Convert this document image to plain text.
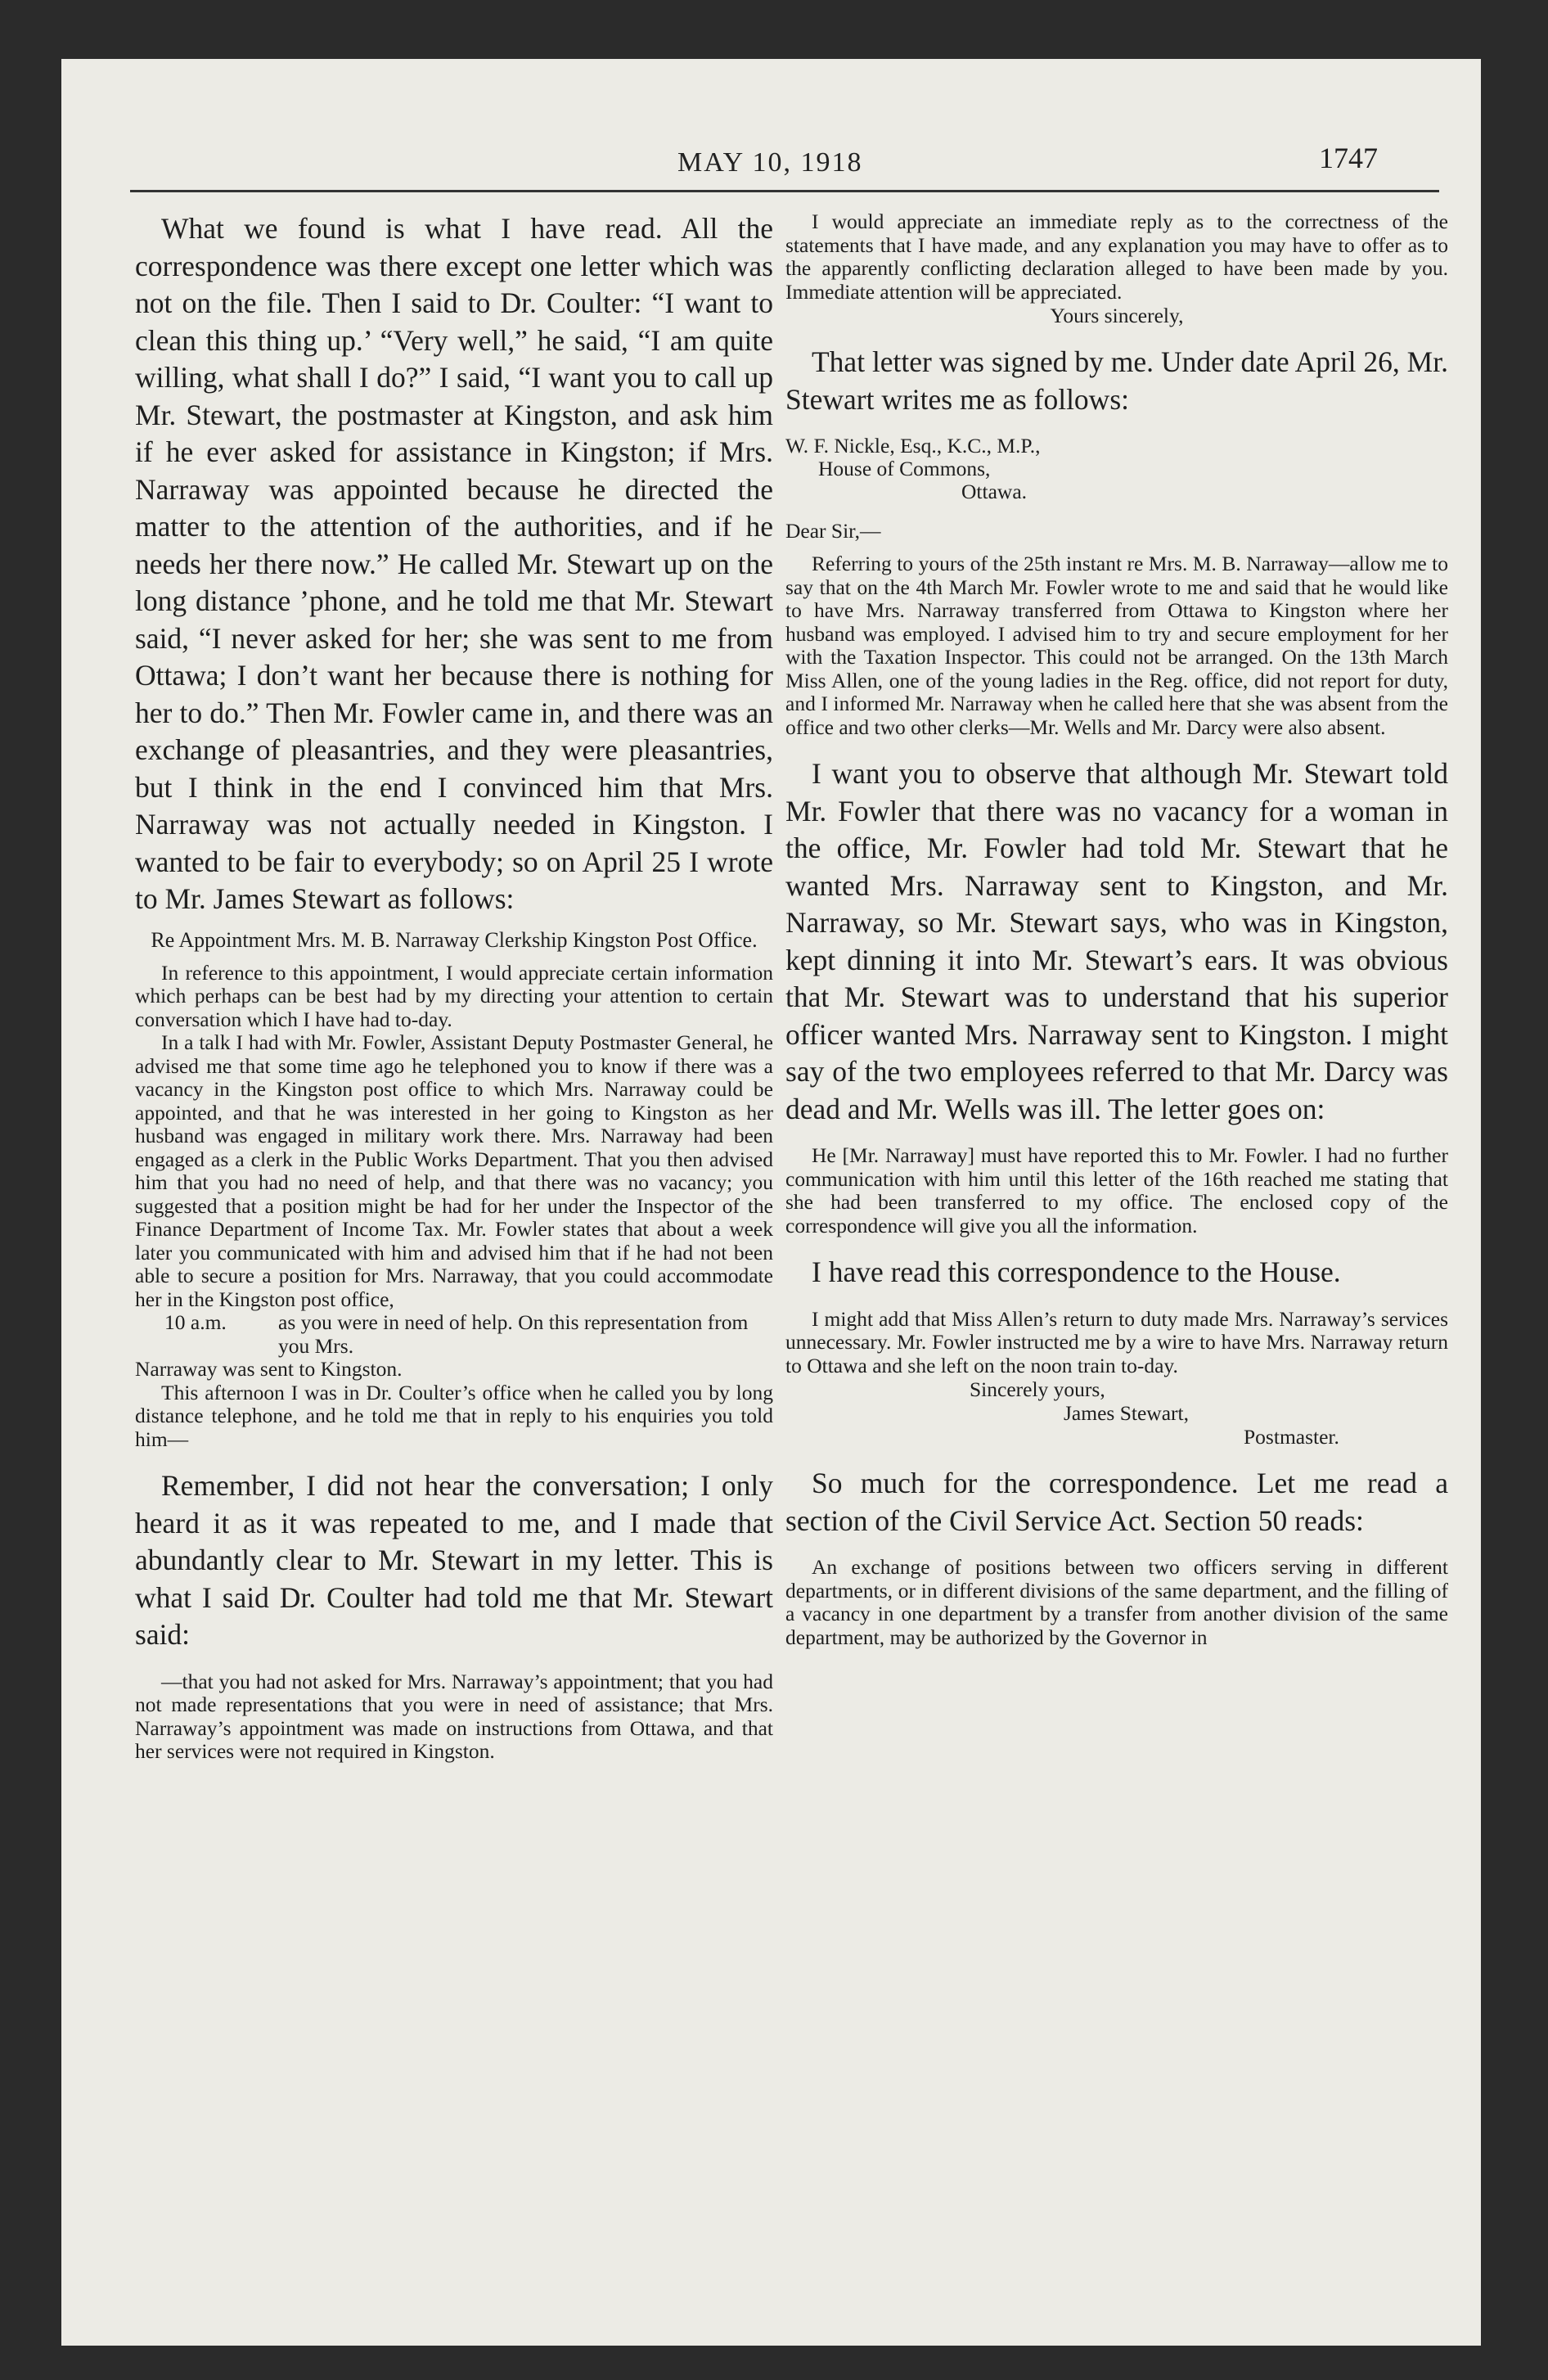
MAY 10, 1918	1747

What we found is what I have read. All the correspondence was there except one letter which was not on the file. Then I said to Dr. Coulter: “I want to clean this thing up.’ “Very well,” he said, “I am quite willing, what shall I do?” I said, “I want you to call up Mr. Stewart, the postmaster at Kingston, and ask him if he ever asked for assistance in Kingston; if Mrs. Narraway was appointed because he directed the matter to the attention of the authorities, and if he needs her there now.” He called Mr. Stewart up on the long distance ’phone, and he told me that Mr. Stewart said, “I never asked for her; she was sent to me from Ottawa; I don’t want her because there is nothing for her to do.” Then Mr. Fowler came in, and there was an exchange of pleasantries, and they were pleasantries, but I think in the end I convinced him that Mrs. Narraway was not actually needed in Kingston. I wanted to be fair to everybody; so on April 25 I wrote to Mr. James Stewart as follows:

Re Appointment Mrs. M. B. Narraway Clerkship Kingston Post Office.

In reference to this appointment, I would appreciate certain information which perhaps can be best had by my directing your attention to certain conversation which I have had to-day.

In a talk I had with Mr. Fowler, Assistant Deputy Postmaster General, he advised me that some time ago he telephoned you to know if there was a vacancy in the Kingston post office to which Mrs. Narraway could be appointed, and that he was interested in her going to Kingston as her husband was engaged in military work there. Mrs. Narraway had been engaged as a clerk in the Public Works Department. That you then advised him that you had no need of help, and that there was no vacancy; you suggested that a position might be had for her under the Inspector of the Finance Department of Income Tax. Mr. Fowler states that about a week later you communicated with him and advised him that if he had not been able to secure a position for Mrs. Narraway, that you could accommodate her in the Kingston post office,

10 a.m.	as you were in need of help. On this representation from you Mrs.

Narraway was sent to Kingston.

This afternoon I was in Dr. Coulter’s office when he called you by long distance telephone, and he told me that in reply to his enquiries you told him—

Remember, I did not hear the conversation; I only heard it as it was repeated to me, and I made that abundantly clear to Mr. Stewart in my letter. This is what I said Dr. Coulter had told me that Mr. Stewart said:

—that you had not asked for Mrs. Narraway’s appointment; that you had not made representations that you were in need of assistance; that Mrs. Narraway’s appointment was made on instructions from Ottawa, and that her services were not required in Kingston.

I would appreciate an immediate reply as to the correctness of the statements that I have made, and any explanation you may have to offer as to the apparently conflicting declaration alleged to have been made by you. Immediate attention will be appreciated.

Yours sincerely,

That letter was signed by me. Under date April 26, Mr. Stewart writes me as follows:

W. F. Nickle, Esq., K.C., M.P.,

House of Commons,

Ottawa.

Dear Sir,—

Referring to yours of the 25th instant re Mrs. M. B. Narraway—allow me to say that on the 4th March Mr. Fowler wrote to me and said that he would like to have Mrs. Narraway transferred from Ottawa to Kingston where her husband was employed. I advised him to try and secure employment for her with the Taxation Inspector. This could not be arranged. On the 13th March Miss Allen, one of the young ladies in the Reg. office, did not report for duty, and I informed Mr. Narraway when he called here that she was absent from the office and two other clerks—Mr. Wells and Mr. Darcy were also absent.

I want you to observe that although Mr. Stewart told Mr. Fowler that there was no vacancy for a woman in the office, Mr. Fowler had told Mr. Stewart that he wanted Mrs. Narraway sent to Kingston, and Mr. Narraway, so Mr. Stewart says, who was in Kingston, kept dinning it into Mr. Stewart’s ears. It was obvious that Mr. Stewart was to understand that his superior officer wanted Mrs. Narraway sent to Kingston. I might say of the two employees referred to that Mr. Darcy was dead and Mr. Wells was ill. The letter goes on:

He [Mr. Narraway] must have reported this to Mr. Fowler. I had no further communication with him until this letter of the 16th reached me stating that she had been transferred to my office. The enclosed copy of the correspondence will give you all the information.

I have read this correspondence to the House.

I might add that Miss Allen’s return to duty made Mrs. Narraway’s services unnecessary. Mr. Fowler instructed me by a wire to have Mrs. Narraway return to Ottawa and she left on the noon train to-day.

Sincerely yours,

James Stewart,

Postmaster.

So much for the correspondence. Let me read a section of the Civil Service Act. Section 50 reads:

An exchange of positions between two officers serving in different departments, or in different divisions of the same department, and the filling of a vacancy in one department by a transfer from another division of the same department, may be authorized by the Governor in
